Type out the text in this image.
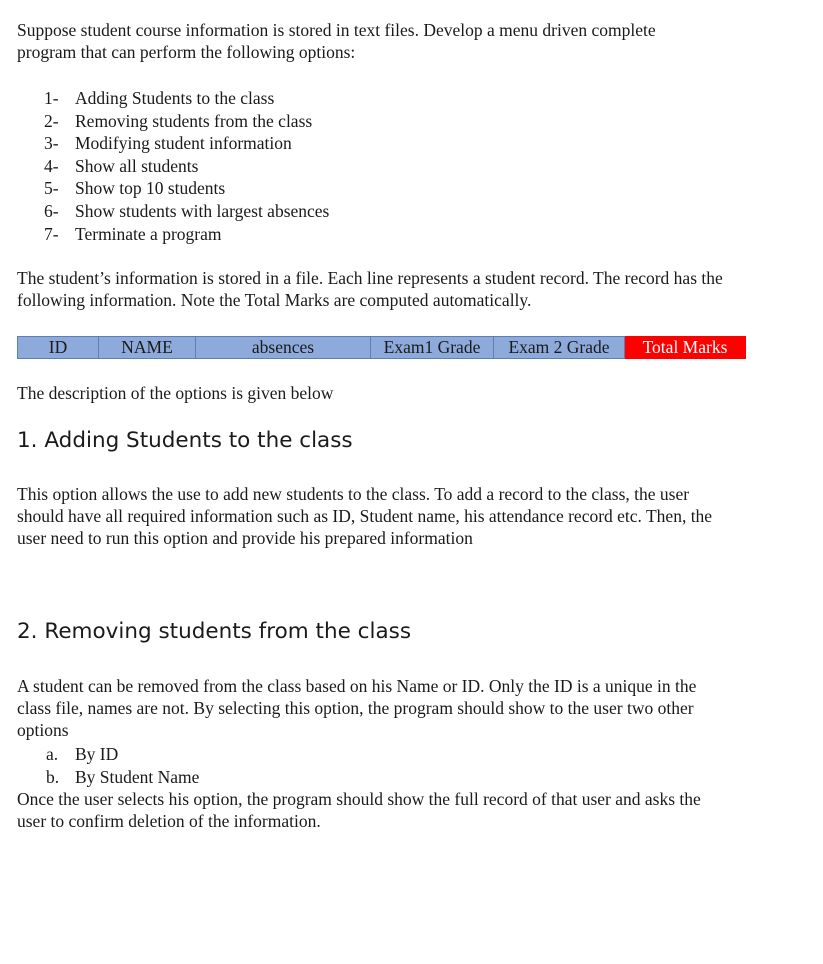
Suppose student course information is stored in text files. Develop a menu driven complete program that can perform the following options:

1- Adding Students to the class
2- Removing students from the class
3- Modifying student information
4- Show all students
5- Show top 10 students
6- Show students with largest absences
7- Terminate a program

The student’s information is stored in a file. Each line represents a student record. The record has the following information. Note the Total Marks are computed automatically.

ID	NAME	absences	Exam1 Grade	Exam 2 Grade	Total Marks

The description of the options is given below

1. Adding Students to the class

This option allows the use to add new students to the class. To add a record to the class, the user should have all required information such as ID, Student name, his attendance record etc. Then, the user need to run this option and provide his prepared information

2. Removing students from the class

A student can be removed from the class based on his Name or ID. Only the ID is a unique in the class file, names are not. By selecting this option, the program should show to the user two other options

a. By ID
b. By Student Name

Once the user selects his option, the program should show the full record of that user and asks the user to confirm deletion of the information.
